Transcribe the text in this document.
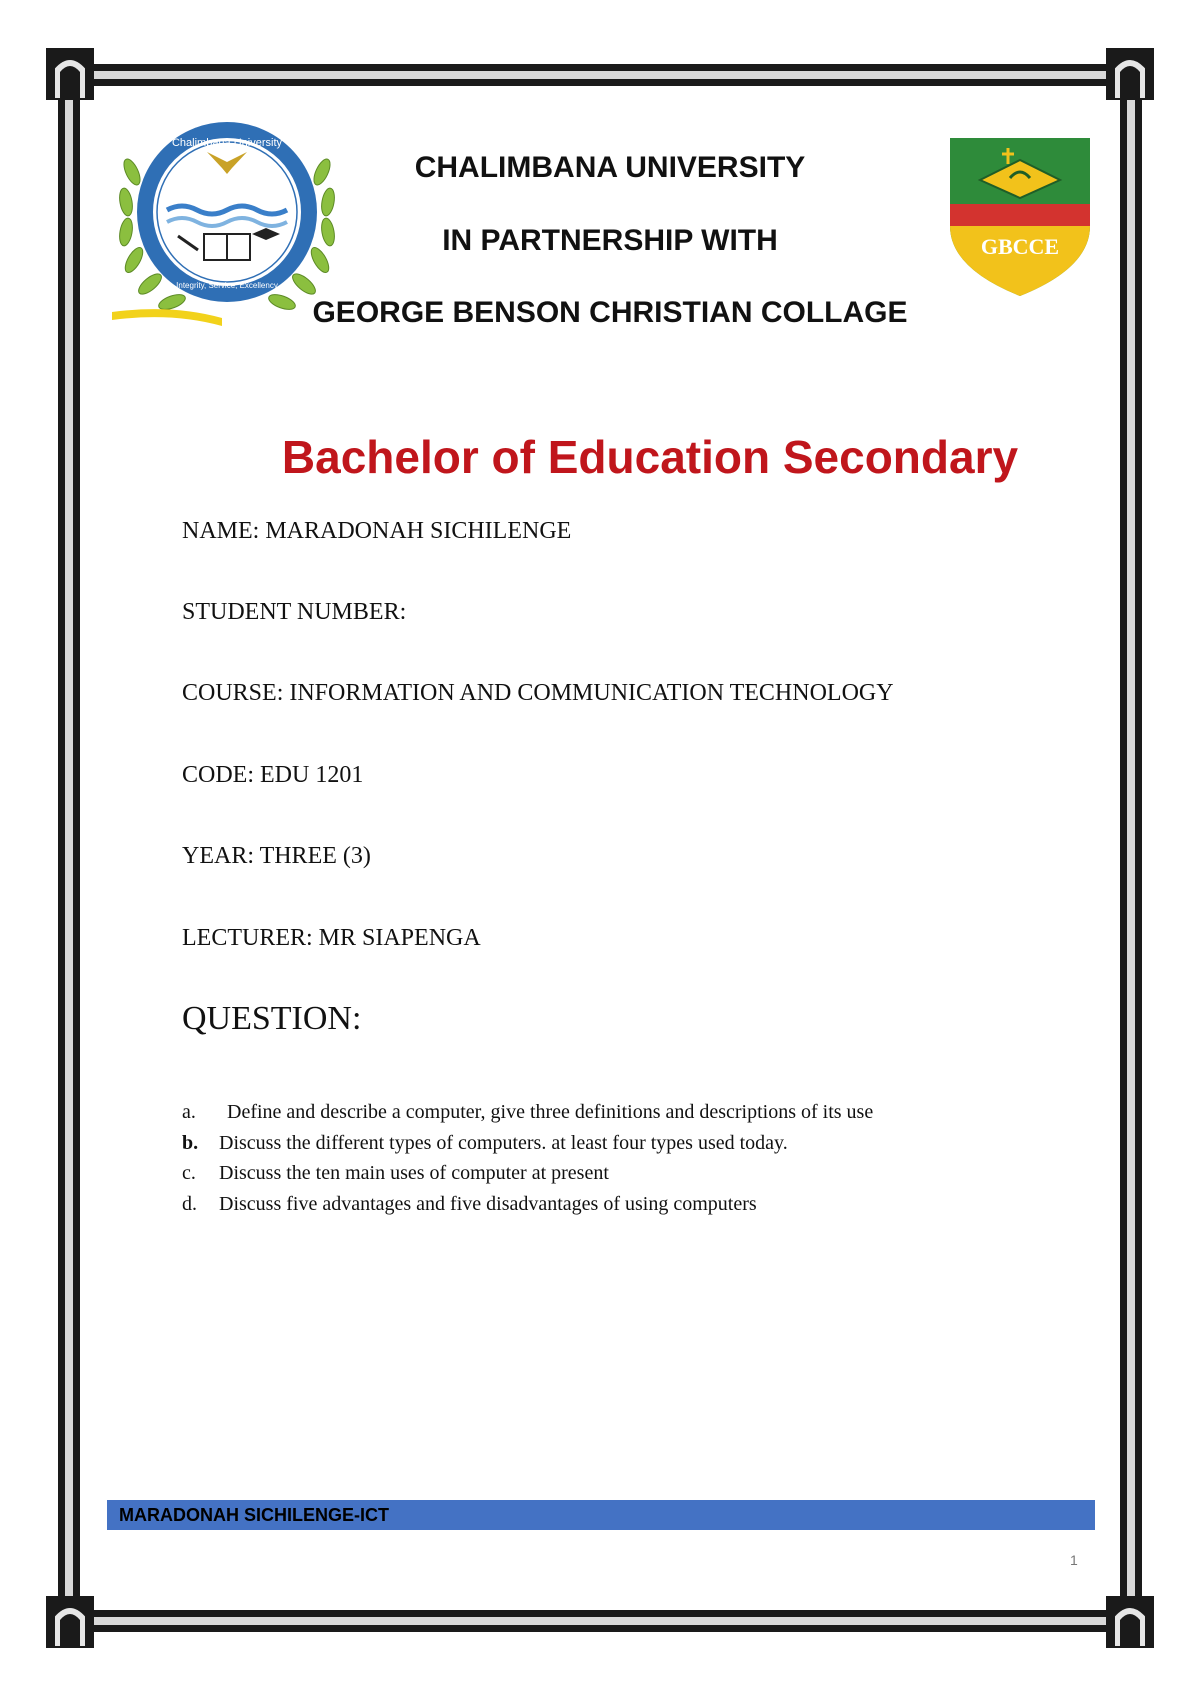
Chalimbana University
Integrity, Service, Excellency
GBCCE
CHALIMBANA UNIVERSITY
IN PARTNERSHIP WITH
GEORGE BENSON CHRISTIAN COLLAGE
Bachelor of Education Secondary
NAME: MARADONAH SICHILENGE
STUDENT NUMBER:
COURSE: INFORMATION AND COMMUNICATION TECHNOLOGY
CODE: EDU 1201
YEAR: THREE (3)
LECTURER: MR SIAPENGA
QUESTION:
a.	Define and describe a computer, give three definitions and descriptions of its use
b.	Discuss the different types of computers. at least four types used today.
c.	Discuss the ten main uses of computer at present
d.	Discuss five advantages and five disadvantages of using computers
MARADONAH SICHILENGE-ICT
1
